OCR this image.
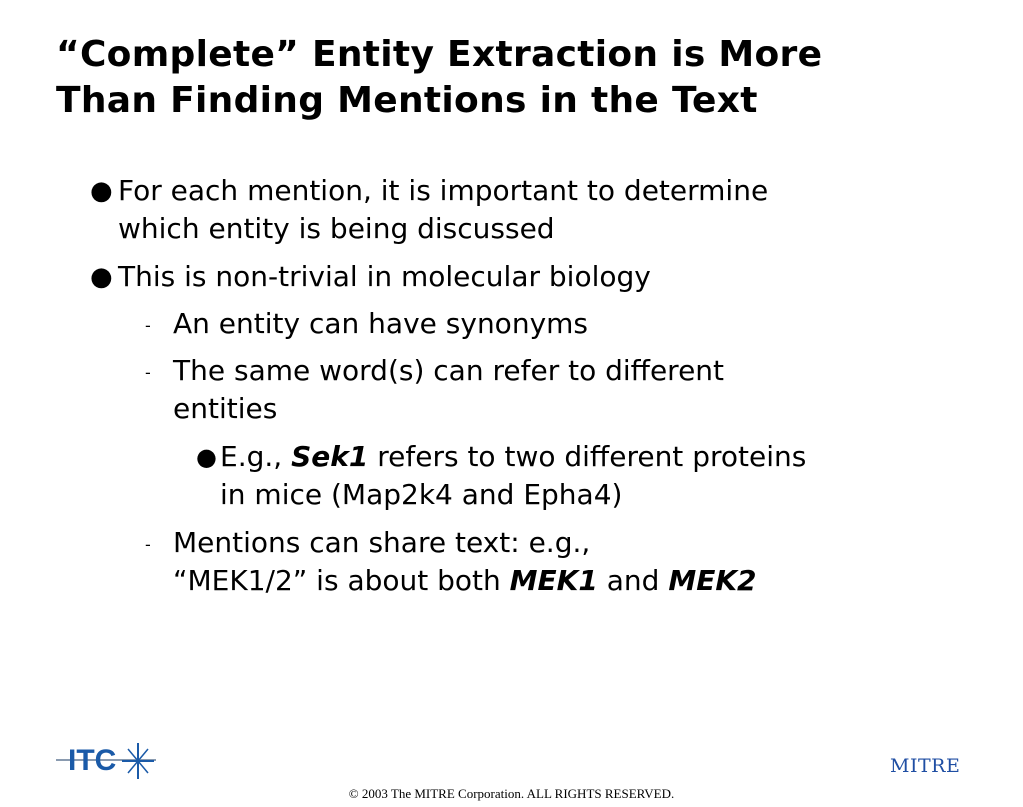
“Complete” Entity Extraction is More
Than Finding Mentions in the Text
● For each mention, it is important to determine
which entity is being discussed
● This is non-trivial in molecular biology
- An entity can have synonyms
- The same word(s) can refer to different
entities
● E.g., Sek1 refers to two different proteins
in mice (Map2k4 and Epha4)
- Mentions can share text: e.g.,
“MEK1/2” is about both MEK1 and MEK2
ITC	MITRE
© 2003 The MITRE Corporation. ALL RIGHTS RESERVED.
